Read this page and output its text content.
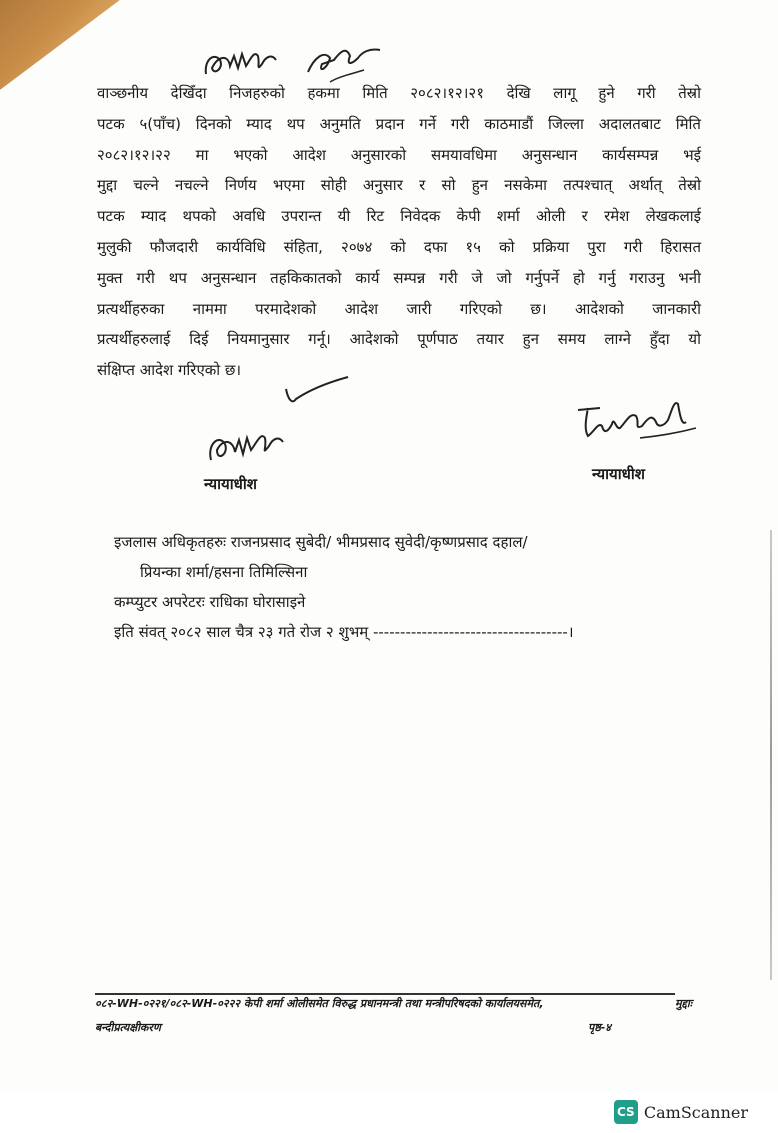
वाञ्छनीय देखिँदा निजहरुको हकमा मिति २०८२।१२।२१ देखि लागू हुने गरी तेस्रो
पटक ५(पाँच) दिनको म्याद थप अनुमति प्रदान गर्ने गरी काठमाडौं जिल्ला अदालतबाट मिति
२०८२।१२।२२ मा भएको आदेश अनुसारको समयावधिमा अनुसन्धान कार्यसम्पन्न भई
मुद्दा चल्ने नचल्ने निर्णय भएमा सोही अनुसार र सो हुन नसकेमा तत्पश्चात् अर्थात् तेस्रो
पटक म्याद थपको अवधि उपरान्त यी रिट निवेदक केपी शर्मा ओली र रमेश लेखकलाई
मुलुकी फौजदारी कार्यविधि संहिता, २०७४ को दफा १५ को प्रक्रिया पुरा गरी हिरासत
मुक्त गरी थप अनुसन्धान तहकिकातको कार्य सम्पन्न गरी जे जो गर्नुपर्ने हो गर्नु गराउनु भनी
प्रत्यर्थीहरुका नाममा परमादेशको आदेश जारी गरिएको छ। आदेशको जानकारी
प्रत्यर्थीहरुलाई दिई नियमानुसार गर्नू। आदेशको पूर्णपाठ तयार हुन समय लाग्ने हुँदा यो
संक्षिप्त आदेश गरिएको छ।
न्यायाधीश
न्यायाधीश
इजलास अधिकृतहरुः राजनप्रसाद सुबेदी/ भीमप्रसाद सुवेदी/कृष्णप्रसाद दहाल/
प्रियन्का शर्मा/हसना तिमिल्सिना
कम्प्युटर अपरेटरः राधिका घोरासाइने
इति संवत् २०८२ साल चैत्र २३ गते रोज २ शुभम् ------------------------------------।
०८२-WH-०२२१/०८२-WH-०२२२ केपी शर्मा ओलीसमेत विरुद्ध प्रधानमन्त्री तथा मन्त्रीपरिषदको कार्यालयसमेत,	मुद्दाः
बन्दीप्रत्यक्षीकरण	पृष्ठ-४
CS CamScanner
